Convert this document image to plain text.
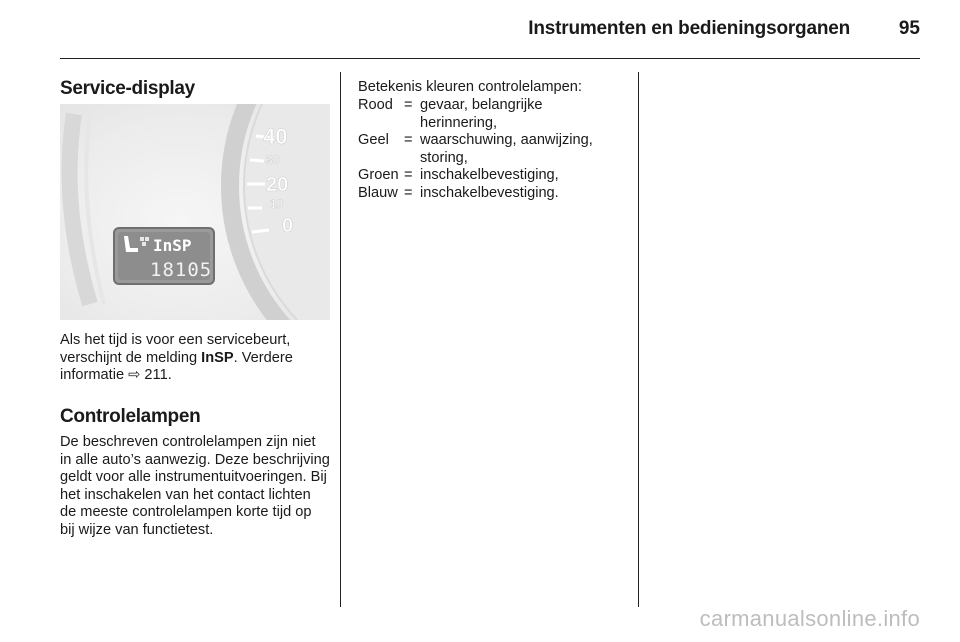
Instrumenten en bedieningsorganen	95
Service-display
40
30
20
10
0
InSP
18105

Als het tijd is voor een servicebeurt, verschijnt de melding InSP. Verdere informatie ⇨ 211.

Controlelampen

De beschreven controlelampen zijn niet in alle auto’s aanwezig. Deze beschrijving geldt voor alle instrumentuitvoeringen. Bij het inschakelen van het contact lichten de meeste controlelampen korte tijd op bij wijze van functietest.

Betekenis kleuren controlelampen:

Rood	=	gevaar, belangrijke herinnering,
Geel	=	waarschuwing, aanwijzing, storing,
Groen	=	inschakelbevestiging,
Blauw	=	inschakelbevestiging.
carmanualsonline.info
